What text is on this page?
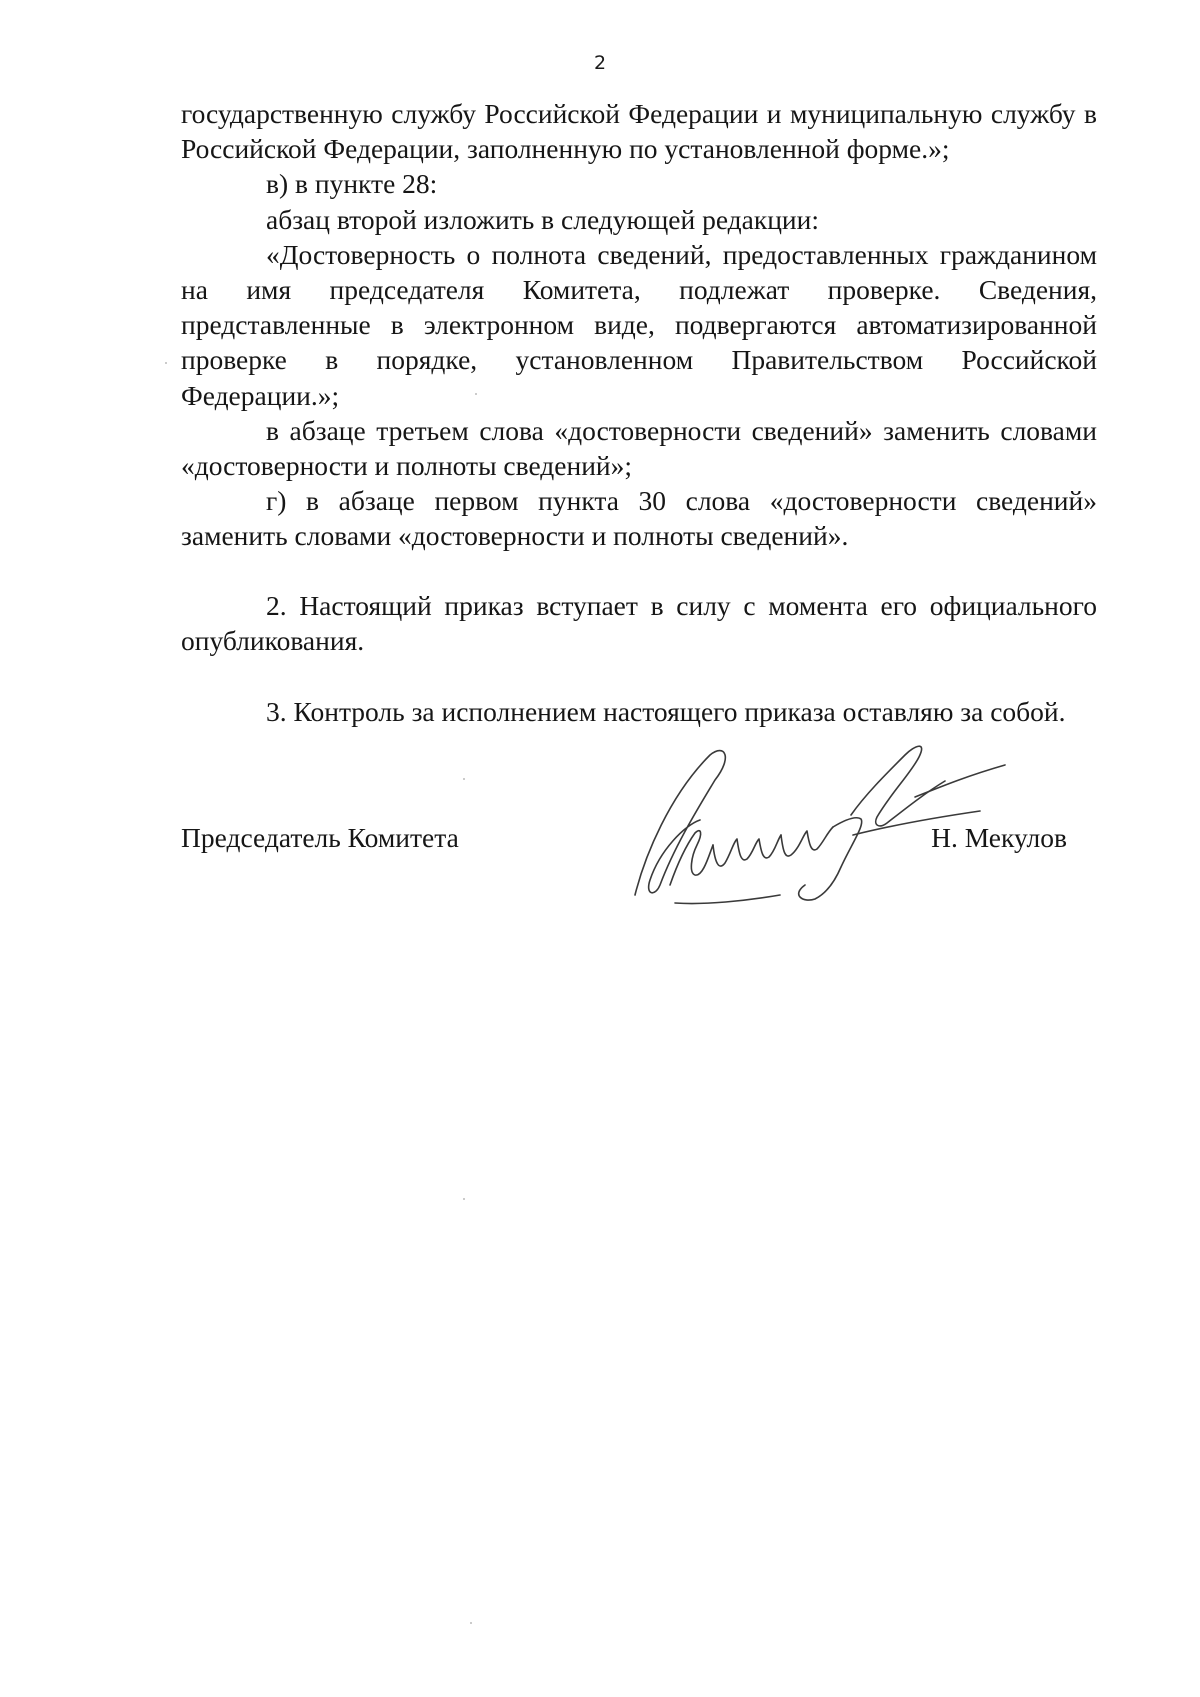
2

государственную службу Российской Федерации и муниципальную службу в Российской Федерации, заполненную по установленной форме.»;

в) в пункте 28:

абзац второй изложить в следующей редакции:

«Достоверность о полнота сведений, предоставленных гражданином на имя председателя Комитета, подлежат проверке. Сведения, представленные в электронном виде, подвергаются автоматизированной проверке в порядке, установленном Правительством Российской Федерации.»;

в абзаце третьем слова «достоверности сведений» заменить словами «достоверности и полноты сведений»;

г) в абзаце первом пункта 30 слова «достоверности сведений» заменить словами «достоверности и полноты сведений».

2. Настоящий приказ вступает в силу с момента его официального опубликования.

3. Контроль за исполнением настоящего приказа оставляю за собой.

Председатель Комитета	Н. Мекулов
